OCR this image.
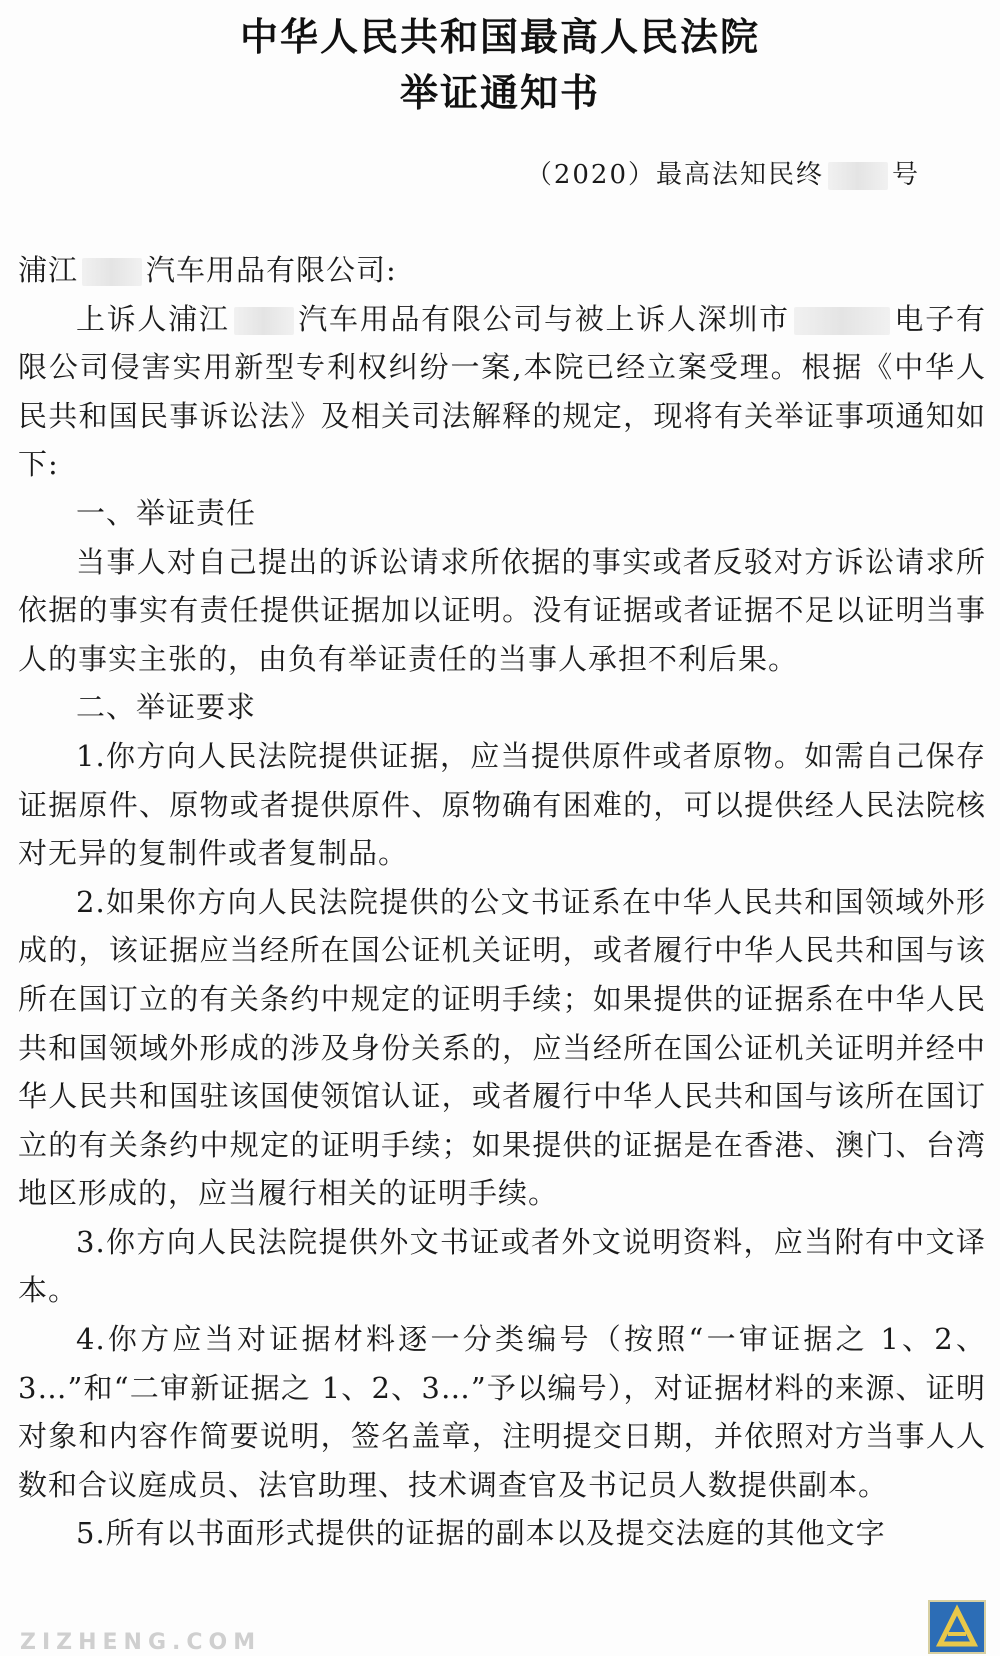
中华人民共和国最高人民法院
举证通知书
（2020）最高法知民终	号

浦江 汽车用品有限公司:

上诉人浦江 汽车用品有限公司与被上诉人深圳市	电子有限公司侵害实用新型专利权纠纷一案,本院已经立案受理。根据《中华人民共和国民事诉讼法》及相关司法解释的规定，现将有关举证事项通知如下:

一、举证责任

当事人对自己提出的诉讼请求所依据的事实或者反驳对方诉讼请求所依据的事实有责任提供证据加以证明。没有证据或者证据不足以证明当事人的事实主张的，由负有举证责任的当事人承担不利后果。

二、举证要求

1.你方向人民法院提供证据，应当提供原件或者原物。如需自己保存证据原件、原物或者提供原件、原物确有困难的，可以提供经人民法院核对无异的复制件或者复制品。

2.如果你方向人民法院提供的公文书证系在中华人民共和国领域外形成的，该证据应当经所在国公证机关证明，或者履行中华人民共和国与该所在国订立的有关条约中规定的证明手续；如果提供的证据系在中华人民共和国领域外形成的涉及身份关系的，应当经所在国公证机关证明并经中华人民共和国驻该国使领馆认证，或者履行中华人民共和国与该所在国订立的有关条约中规定的证明手续；如果提供的证据是在香港、澳门、台湾地区形成的，应当履行相关的证明手续。

3.你方向人民法院提供外文书证或者外文说明资料，应当附有中文译本。

4.你方应当对证据材料逐一分类编号（按照“一审证据之 1、2、3…”和“二审新证据之 1、2、3…”予以编号），对证据材料的来源、证明对象和内容作简要说明，签名盖章，注明提交日期，并依照对方当事人人数和合议庭成员、法官助理、技术调查官及书记员人数提供副本。

5.所有以书面形式提供的证据的副本以及提交法庭的其他文字

ZIZHENG.COM
